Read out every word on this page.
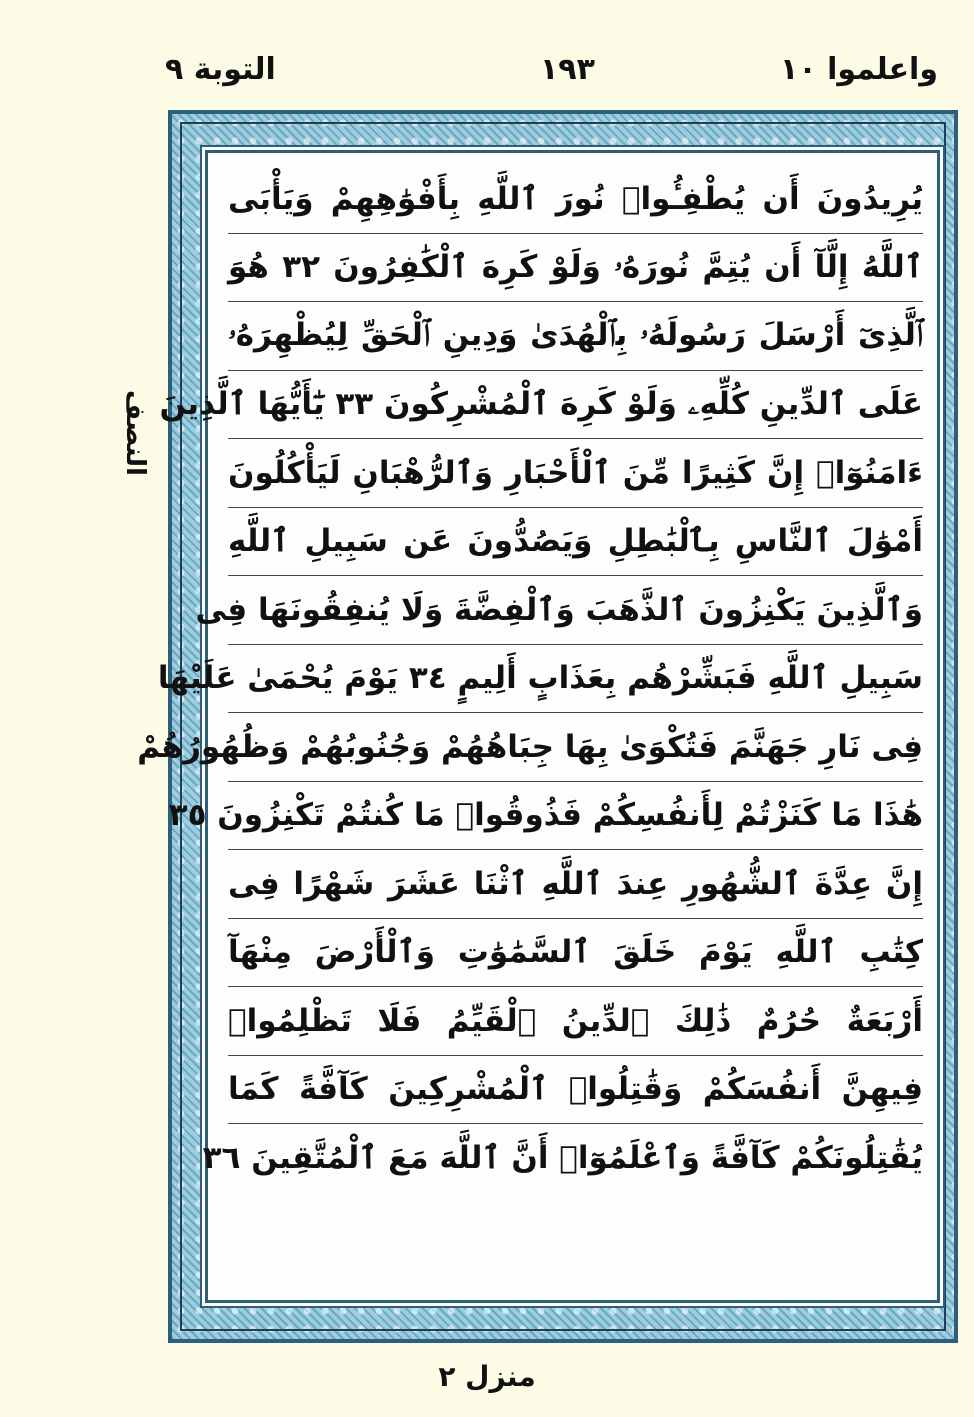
التوبة ٩	١٩٣	واعلموا ١٠
النصف
يُرِيدُونَ أَن يُطْفِـُٔوا۟ نُورَ ٱللَّهِ بِأَفْوَٰهِهِمْ وَيَأْبَى
ٱللَّهُ إِلَّآ أَن يُتِمَّ نُورَهُۥ وَلَوْ كَرِهَ ٱلْكَٰفِرُونَ ٣٢ هُوَ
ٱلَّذِىٓ أَرْسَلَ رَسُولَهُۥ بِٱلْهُدَىٰ وَدِينِ ٱلْحَقِّ لِيُظْهِرَهُۥ
عَلَى ٱلدِّينِ كُلِّهِۦ وَلَوْ كَرِهَ ٱلْمُشْرِكُونَ ٣٣ يَٰٓأَيُّهَا ٱلَّذِينَ
ءَامَنُوٓا۟ إِنَّ كَثِيرًا مِّنَ ٱلْأَحْبَارِ وَٱلرُّهْبَانِ لَيَأْكُلُونَ
أَمْوَٰلَ ٱلنَّاسِ بِٱلْبَٰطِلِ وَيَصُدُّونَ عَن سَبِيلِ ٱللَّهِ
وَٱلَّذِينَ يَكْنِزُونَ ٱلذَّهَبَ وَٱلْفِضَّةَ وَلَا يُنفِقُونَهَا فِى
سَبِيلِ ٱللَّهِ فَبَشِّرْهُم بِعَذَابٍ أَلِيمٍ ٣٤ يَوْمَ يُحْمَىٰ عَلَيْهَا
فِى نَارِ جَهَنَّمَ فَتُكْوَىٰ بِهَا جِبَاهُهُمْ وَجُنُوبُهُمْ وَظُهُورُهُمْ
هَٰذَا مَا كَنَزْتُمْ لِأَنفُسِكُمْ فَذُوقُوا۟ مَا كُنتُمْ تَكْنِزُونَ ٣٥
إِنَّ عِدَّةَ ٱلشُّهُورِ عِندَ ٱللَّهِ ٱثْنَا عَشَرَ شَهْرًا فِى
كِتَٰبِ ٱللَّهِ يَوْمَ خَلَقَ ٱلسَّمَٰوَٰتِ وَٱلْأَرْضَ مِنْهَآ
أَرْبَعَةٌ حُرُمٌ ذَٰلِكَ ٱلدِّينُ ٱلْقَيِّمُ فَلَا تَظْلِمُوا۟
فِيهِنَّ أَنفُسَكُمْ وَقَٰتِلُوا۟ ٱلْمُشْرِكِينَ كَآفَّةً كَمَا
يُقَٰتِلُونَكُمْ كَآفَّةً وَٱعْلَمُوٓا۟ أَنَّ ٱللَّهَ مَعَ ٱلْمُتَّقِينَ ٣٦
منزل ٢
